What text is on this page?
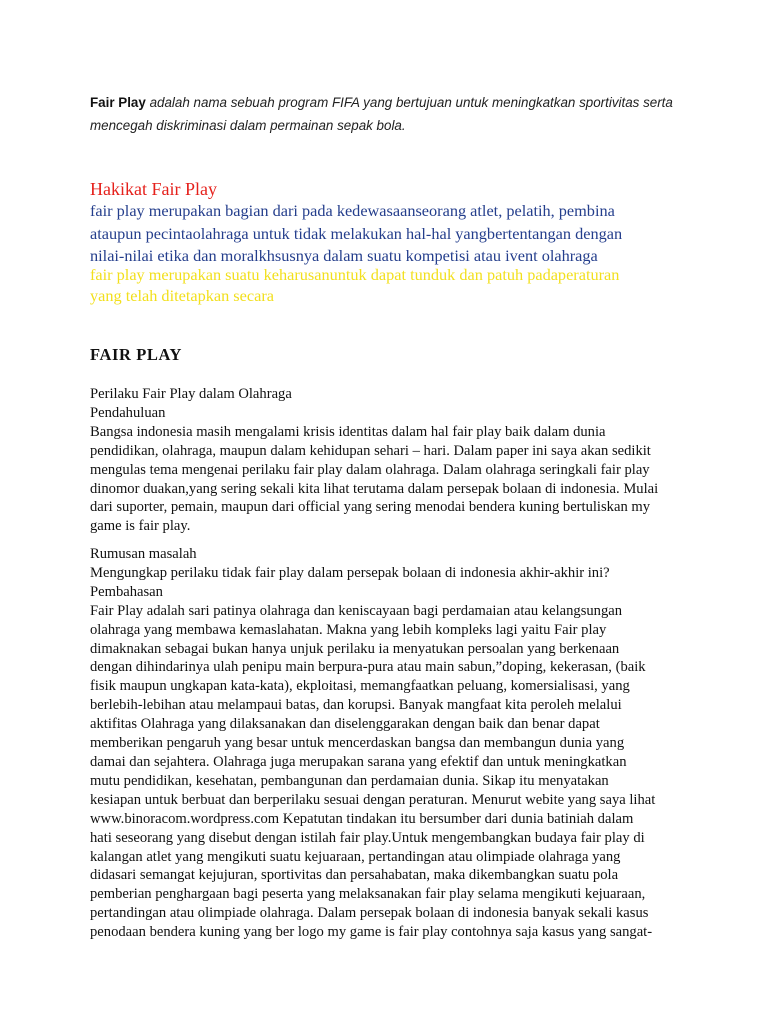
Fair Play adalah nama sebuah program FIFA yang bertujuan untuk meningkatkan sportivitas serta
mencegah diskriminasi dalam permainan sepak bola.
Hakikat Fair Play
fair play merupakan bagian dari pada kedewasaanseorang atlet, pelatih, pembina
ataupun pecintaolahraga untuk tidak melakukan hal-hal yangbertentangan dengan
nilai-nilai etika dan moralkhsusnya dalam suatu kompetisi atau ivent olahraga
fair play merupakan suatu keharusanuntuk dapat tunduk dan patuh padaperaturan
yang telah ditetapkan secara
FAIR PLAY
Perilaku Fair Play dalam Olahraga
Pendahuluan
Bangsa indonesia masih mengalami krisis identitas dalam hal fair play baik dalam dunia
pendidikan, olahraga, maupun dalam kehidupan sehari – hari. Dalam paper ini saya akan sedikit
mengulas tema mengenai perilaku fair play dalam olahraga. Dalam olahraga seringkali fair play
dinomor duakan,yang sering sekali kita lihat terutama dalam persepak bolaan di indonesia. Mulai
dari suporter, pemain, maupun dari official yang sering menodai bendera kuning bertuliskan my
game is fair play.
Rumusan masalah
Mengungkap perilaku tidak fair play dalam persepak bolaan di indonesia akhir-akhir ini?
Pembahasan
Fair Play adalah sari patinya olahraga dan keniscayaan bagi perdamaian atau kelangsungan
olahraga yang membawa kemaslahatan. Makna yang lebih kompleks lagi yaitu Fair play
dimaknakan sebagai bukan hanya unjuk perilaku ia menyatukan persoalan yang berkenaan
dengan dihindarinya ulah penipu main berpura-pura atau main sabun,”doping, kekerasan, (baik
fisik maupun ungkapan kata-kata), ekploitasi, memangfaatkan peluang, komersialisasi, yang
berlebih-lebihan atau melampaui batas, dan korupsi. Banyak mangfaat kita peroleh melalui
aktifitas Olahraga yang dilaksanakan dan diselenggarakan dengan baik dan benar dapat
memberikan pengaruh yang besar untuk mencerdaskan bangsa dan membangun dunia yang
damai dan sejahtera. Olahraga juga merupakan sarana yang efektif dan untuk meningkatkan
mutu pendidikan, kesehatan, pembangunan dan perdamaian dunia. Sikap itu menyatakan
kesiapan untuk berbuat dan berperilaku sesuai dengan peraturan. Menurut webite yang saya lihat
www.binoracom.wordpress.com Kepatutan tindakan itu bersumber dari dunia batiniah dalam
hati seseorang yang disebut dengan istilah fair play.Untuk mengembangkan budaya fair play di
kalangan atlet yang mengikuti suatu kejuaraan, pertandingan atau olimpiade olahraga yang
didasari semangat kejujuran, sportivitas dan persahabatan, maka dikembangkan suatu pola
pemberian penghargaan bagi peserta yang melaksanakan fair play selama mengikuti kejuaraan,
pertandingan atau olimpiade olahraga. Dalam persepak bolaan di indonesia banyak sekali kasus
penodaan bendera kuning yang ber logo my game is fair play contohnya saja kasus yang sangat-
